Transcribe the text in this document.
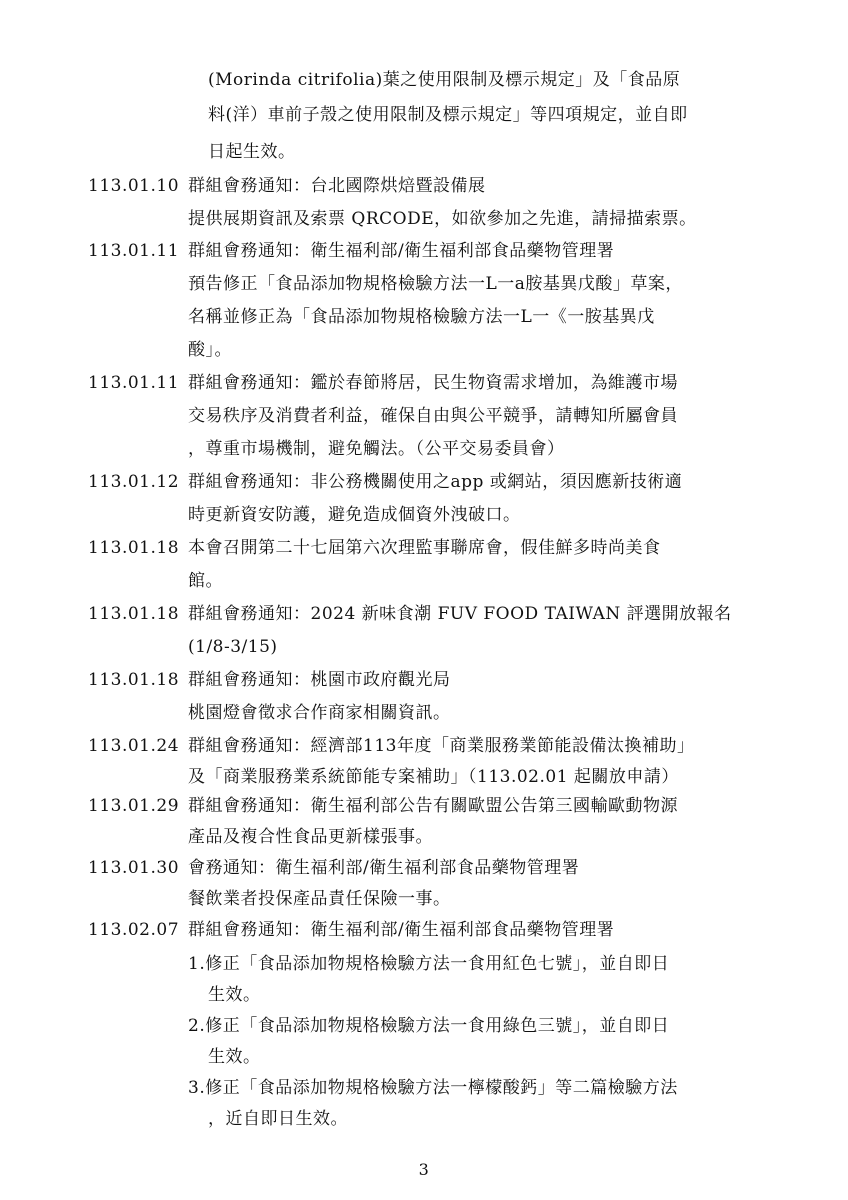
(Morinda citrifolia)葉之使用限制及標示規定」及「食品原
料(洋）車前子殼之使用限制及標示規定」等四項規定，並自即
日起生效。
113.01.10 群組會務通知：台北國際烘焙暨設備展
提供展期資訊及索票 QRCODE，如欲參加之先進，請掃描索票。
113.01.11 群組會務通知：衛生福利部/衛生福利部食品藥物管理署
預告修正「食品添加物規格檢驗方法一L一a胺基異戊酸」草案，
名稱並修正為「食品添加物規格檢驗方法一L一《一胺基異戊
酸」。
113.01.11 群組會務通知：鑑於春節將居，民生物資需求增加，為維護市場
交易秩序及消費者利益，確保自由與公平競爭，請轉知所屬會員
，尊重市場機制，避免觸法。（公平交易委員會）
113.01.12 群組會務通知：非公務機關使用之app 或網站，須因應新技術適
時更新資安防護，避免造成個資外洩破口。
113.01.18 本會召開第二十七屆第六次理監事聯席會，假佳鮮多時尚美食
館。
113.01.18 群組會務通知：2024 新味食潮 FUV FOOD TAIWAN 評選開放報名
(1/8-3/15)
113.01.18 群組會務通知：桃園市政府觀光局
桃園燈會徵求合作商家相關資訊。
113.01.24 群組會務通知：經濟部113年度「商業服務業節能設備汰換補助」
及「商業服務業系統節能专案補助」（113.02.01 起關放申請）
113.01.29 群組會務通知：衛生福利部公告有關歐盟公告第三國輸歐動物源
產品及複合性食品更新樣張事。
113.01.30 會務通知：衛生福利部/衛生福利部食品藥物管理署
餐飲業者投保產品責任保險一事。
113.02.07 群組會務通知：衛生福利部/衛生福利部食品藥物管理署
1.修正「食品添加物規格檢驗方法一食用紅色七號」，並自即日
生效。
2.修正「食品添加物規格檢驗方法一食用綠色三號」，並自即日
生效。
3.修正「食品添加物規格檢驗方法一檸檬酸鈣」等二篇檢驗方法
，近自即日生效。
3
